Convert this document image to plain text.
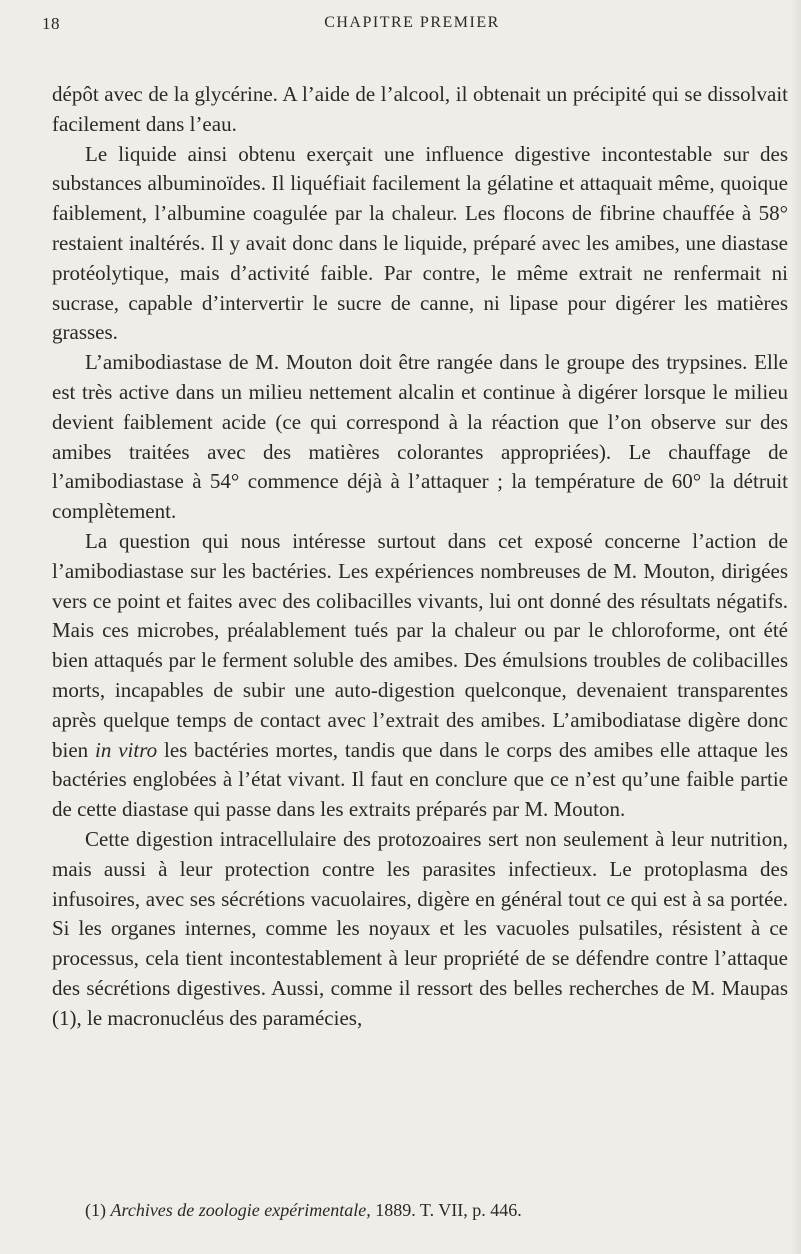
18	CHAPITRE PREMIER

dépôt avec de la glycérine. A l’aide de l’alcool, il obtenait un précipité qui se dissolvait facilement dans l’eau.

Le liquide ainsi obtenu exerçait une influence digestive incontestable sur des substances albuminoïdes. Il liquéfiait facilement la gélatine et attaquait même, quoique faiblement, l’albumine coagulée par la chaleur. Les flocons de fibrine chauffée à 58° restaient inaltérés. Il y avait donc dans le liquide, préparé avec les amibes, une diastase protéolytique, mais d’activité faible. Par contre, le même extrait ne renfermait ni sucrase, capable d’intervertir le sucre de canne, ni lipase pour digérer les matières grasses.

L’amibodiastase de M. Mouton doit être rangée dans le groupe des trypsines. Elle est très active dans un milieu nettement alcalin et continue à digérer lorsque le milieu devient faiblement acide (ce qui correspond à la réaction que l’on observe sur des amibes traitées avec des matières colorantes appropriées). Le chauffage de l’amibodiastase à 54° commence déjà à l’attaquer ; la température de 60° la détruit complètement.

La question qui nous intéresse surtout dans cet exposé concerne l’action de l’amibodiastase sur les bactéries. Les expériences nombreuses de M. Mouton, dirigées vers ce point et faites avec des colibacilles vivants, lui ont donné des résultats négatifs. Mais ces microbes, préalablement tués par la chaleur ou par le chloroforme, ont été bien attaqués par le ferment soluble des amibes. Des émulsions troubles de colibacilles morts, incapables de subir une auto-digestion quelconque, devenaient transparentes après quelque temps de contact avec l’extrait des amibes. L’amibodiatase digère donc bien in vitro les bactéries mortes, tandis que dans le corps des amibes elle attaque les bactéries englobées à l’état vivant. Il faut en conclure que ce n’est qu’une faible partie de cette diastase qui passe dans les extraits préparés par M. Mouton.

Cette digestion intracellulaire des protozoaires sert non seulement à leur nutrition, mais aussi à leur protection contre les parasites infectieux. Le protoplasma des infusoires, avec ses sécrétions vacuolaires, digère en général tout ce qui est à sa portée. Si les organes internes, comme les noyaux et les vacuoles pulsatiles, résistent à ce processus, cela tient incontestablement à leur propriété de se défendre contre l’attaque des sécrétions digestives. Aussi, comme il ressort des belles recherches de M. Maupas (1), le macronucléus des paramécies,

(1) Archives de zoologie expérimentale, 1889. T. VII, p. 446.
